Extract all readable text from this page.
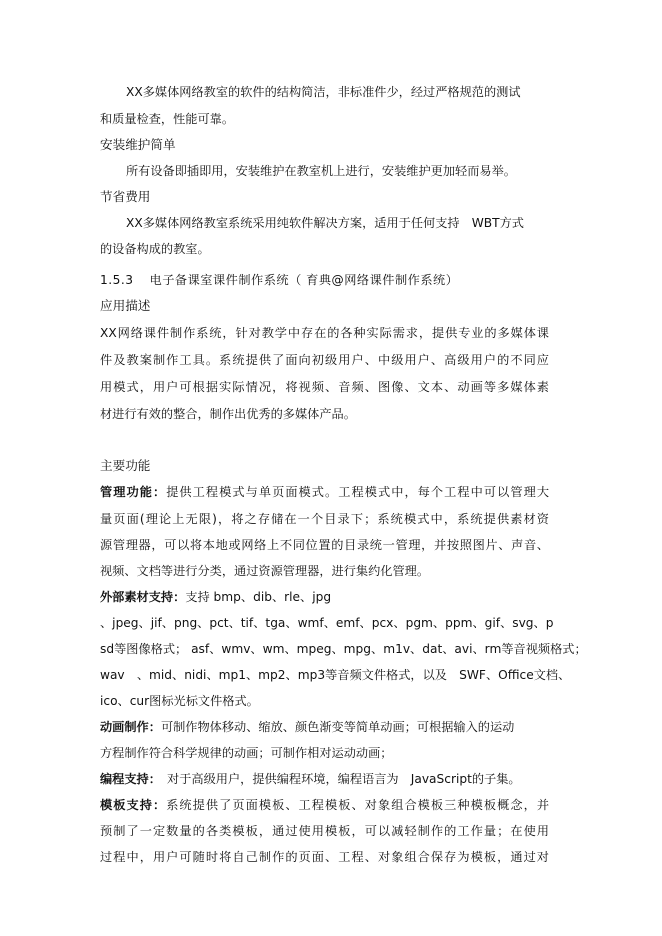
XX多媒体网络教室的软件的结构简洁，非标准件少，经过严格规范的测试
和质量检查，性能可靠。
安装维护简单
所有设备即插即用，安装维护在教室机上进行，安装维护更加轻而易举。
节省费用
XX多媒体网络教室系统采用纯软件解决方案，适用于任何支持　WBT方式
的设备构成的教室。
1.5.3 电子备课室课件制作系统（ 育典@网络课件制作系统）
应用描述
XX网络课件制作系统，针对教学中存在的各种实际需求，提供专业的多媒体课
件及教案制作工具。系统提供了面向初级用户、中级用户、高级用户的不同应
用模式，用户可根据实际情况，将视频、音频、图像、文本、动画等多媒体素
材进行有效的整合，制作出优秀的多媒体产品。
主要功能
管理功能：提供工程模式与单页面模式。工程模式中，每个工程中可以管理大
量页面(理论上无限)，将之存储在一个目录下；系统模式中，系统提供素材资
源管理器，可以将本地或网络上不同位置的目录统一管理，并按照图片、声音、
视频、文档等进行分类，通过资源管理器，进行集约化管理。
外部素材支持：支持 bmp、dib、rle、jpg
、jpeg、jif、png、pct、tif、tga、wmf、emf、pcx、pgm、ppm、gif、svg、p
sd等图像格式； asf、wmv、wm、mpeg、mpg、m1v、dat、avi、rm等音视频格式；
wav　、mid、nidi、mp1、mp2、mp3等音频文件格式，以及　SWF、Office文档、
ico、cur图标光标文件格式。
动画制作：可制作物体移动、缩放、颜色渐变等简单动画；可根据输入的运动
方程制作符合科学规律的动画；可制作相对运动动画；
编程支持：　对于高级用户，提供编程环境，编程语言为　JavaScript的子集。
模板支持：系统提供了页面模板、工程模板、对象组合模板三种模板概念，并
预制了一定数量的各类模板，通过使用模板，可以减轻制作的工作量；在使用
过程中，用户可随时将自己制作的页面、工程、对象组合保存为模板，通过对
